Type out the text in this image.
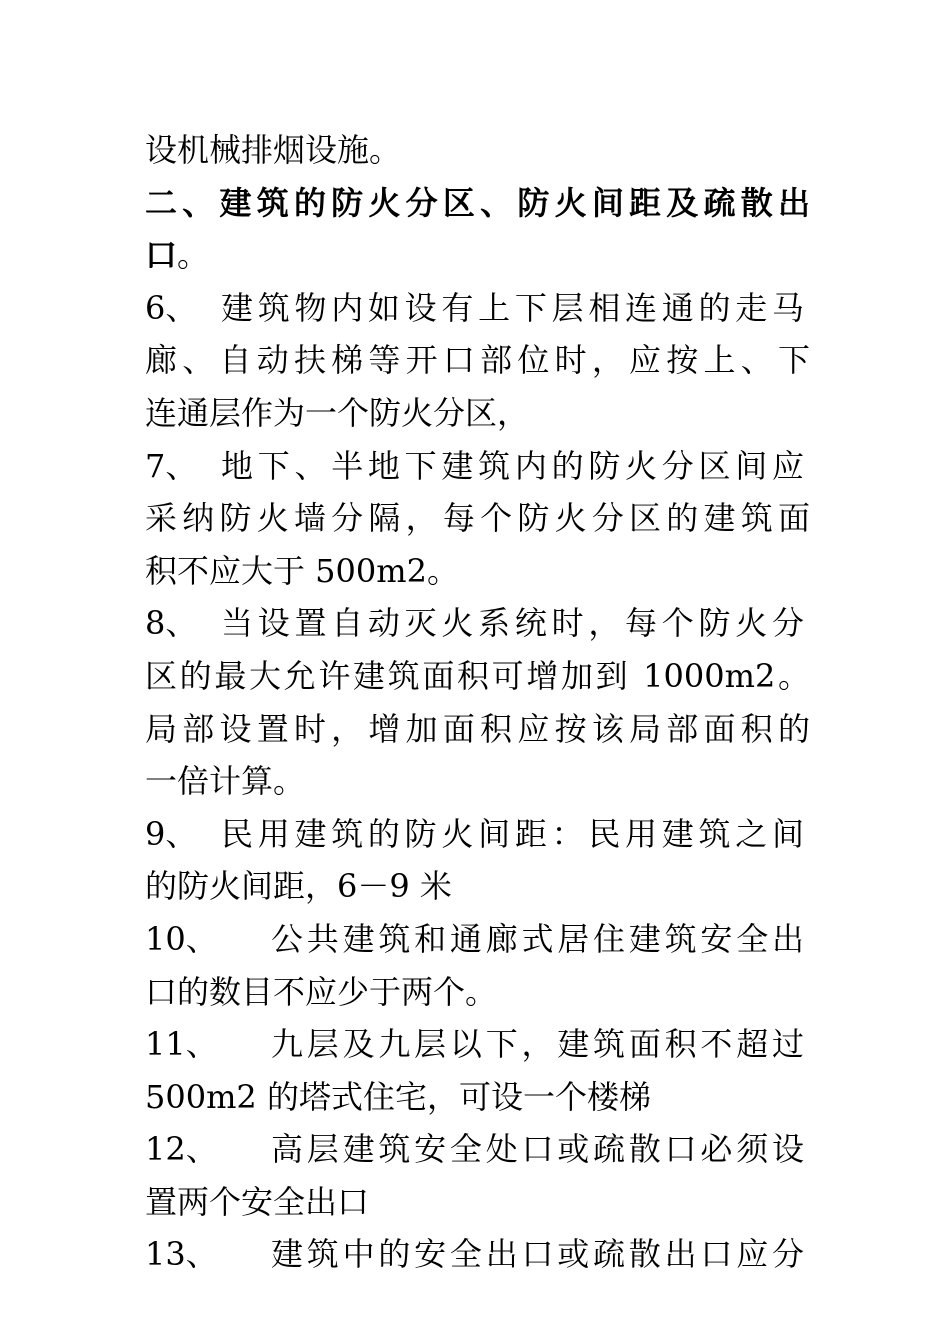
设机械排烟设施。
二、建筑的防火分区、防火间距及疏散出
口。
6、 建筑物内如设有上下层相连通的走马
廊、自动扶梯等开口部位时，应按上、下
连通层作为一个防火分区，
7、 地下、半地下建筑内的防火分区间应
采纳防火墙分隔，每个防火分区的建筑面
积不应大于 500m2。
8、 当设置自动灭火系统时，每个防火分
区的最大允许建筑面积可增加到 1000m2。
局部设置时，增加面积应按该局部面积的
一倍计算。
9、 民用建筑的防火间距：民用建筑之间
的防火间距，6－9 米
10、 公共建筑和通廊式居住建筑安全出
口的数目不应少于两个。
11、 九层及九层以下，建筑面积不超过
500m2 的塔式住宅，可设一个楼梯
12、 高层建筑安全处口或疏散口必须设
置两个安全出口
13、 建筑中的安全出口或疏散出口应分
